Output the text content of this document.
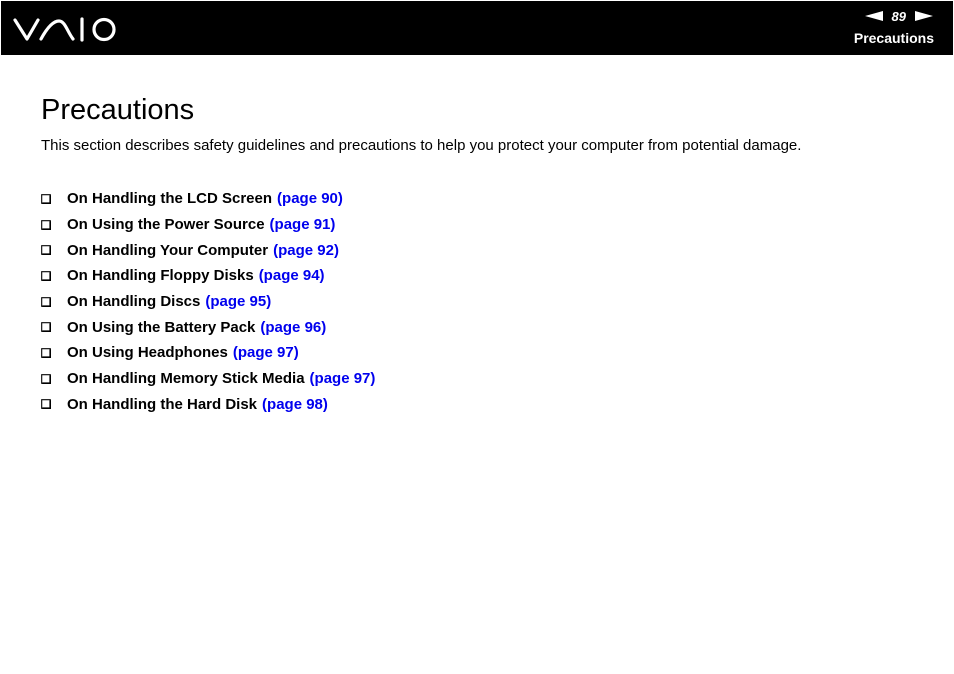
89
Precautions
Precautions

This section describes safety guidelines and precautions to help you protect your computer from potential damage.

On Handling the LCD Screen (page 90)
On Using the Power Source (page 91)
On Handling Your Computer (page 92)
On Handling Floppy Disks (page 94)
On Handling Discs (page 95)
On Using the Battery Pack (page 96)
On Using Headphones (page 97)
On Handling Memory Stick Media (page 97)
On Handling the Hard Disk (page 98)
